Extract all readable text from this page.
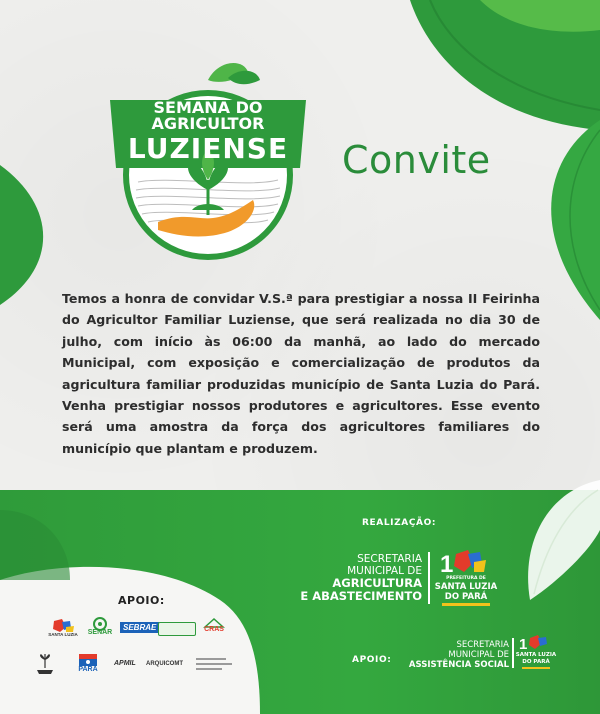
SEMANA DO
AGRICULTOR
LUZIENSE	Convite
Temos a honra de convidar V.S.ª para prestigiar a nossa II Feirinha do Agricultor Familiar Luziense, que será realizada no dia 30 de julho, com início às 06:00 da manhã, ao lado do mercado Municipal, com exposição e comercialização de produtos da agricultura familiar produzidas município de Santa Luzia do Pará. Venha prestigiar nossos produtores e agricultores. Esse evento será uma amostra da força dos agricultores familiares do município que plantam e produzem.
REALIZAÇÃO:
SECRETARIA
MUNICIPAL DE
AGRICULTURA
E ABASTECIMENTO
1
PREFEITURA DE
SANTA LUZIA
DO PARÁ
APOIO:
SECRETARIA
MUNICIPAL DE
ASSISTÊNCIA SOCIAL
1
SANTA LUZIA
DO PARÁ
APOIO:
SANTA LUZIA	SENAR
SEBRAE	CRAS
PARÁ
APMIL ARQUICOMT
